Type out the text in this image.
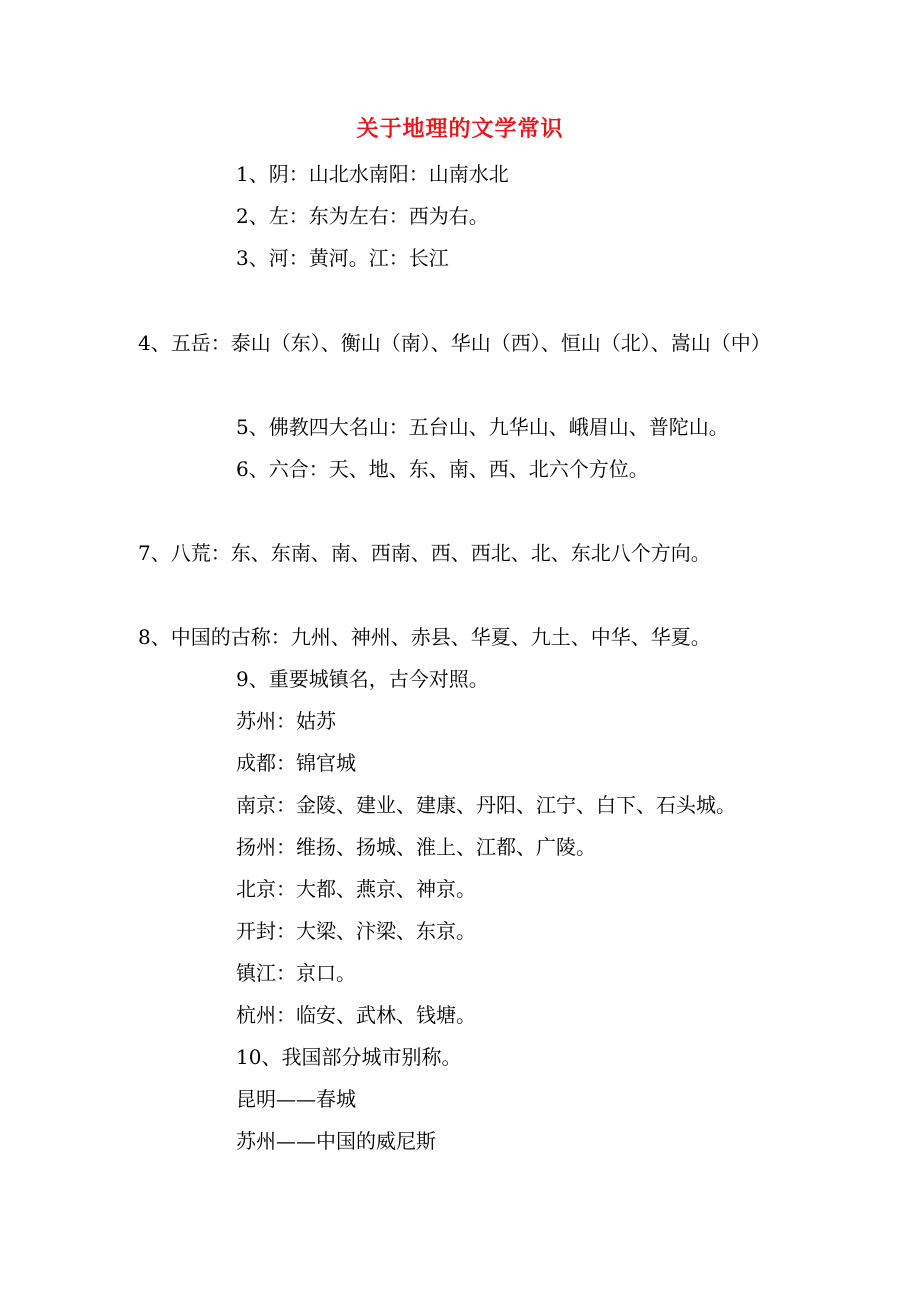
关于地理的文学常识
1、阴：山北水南阳：山南水北
2、左：东为左右：西为右。
3、河：黄河。江：长江
4、五岳：泰山（东）、衡山（南）、华山（西）、恒山（北）、嵩山（中）
5、佛教四大名山：五台山、九华山、峨眉山、普陀山。
6、六合：天、地、东、南、西、北六个方位。
7、八荒：东、东南、南、西南、西、西北、北、东北八个方向。
8、中国的古称：九州、神州、赤县、华夏、九土、中华、华夏。
9、重要城镇名，古今对照。
苏州：姑苏
成都：锦官城
南京：金陵、建业、建康、丹阳、江宁、白下、石头城。
扬州：维扬、扬城、淮上、江都、广陵。
北京：大都、燕京、神京。
开封：大梁、汴梁、东京。
镇江：京口。
杭州：临安、武林、钱塘。
10、我国部分城市别称。
昆明——春城
苏州——中国的威尼斯
